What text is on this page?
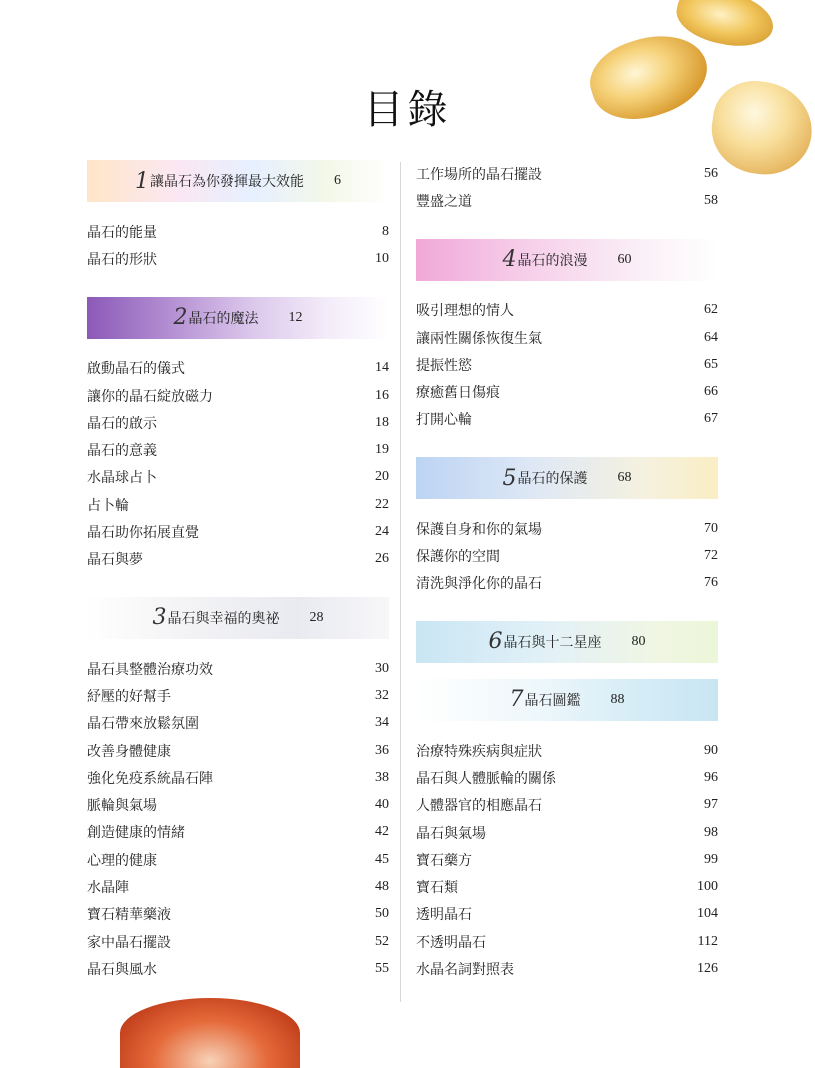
目錄
1 讓晶石為你發揮最大效能 6
晶石的能量	8
晶石的形狀	10
2 晶石的魔法 12
啟動晶石的儀式	14
讓你的晶石綻放磁力	16
晶石的啟示	18
晶石的意義	19
水晶球占卜	20
占卜輪	22
晶石助你拓展直覺	24
晶石與夢	26
3 晶石與幸福的奧祕 28
晶石具整體治療功效	30
紓壓的好幫手	32
晶石帶來放鬆氛圍	34
改善身體健康	36
強化免疫系統晶石陣	38
脈輪與氣場	40
創造健康的情緒	42
心理的健康	45
水晶陣	48
寶石精華藥液	50
家中晶石擺設	52
晶石與風水	55
工作場所的晶石擺設	56
豐盛之道	58
4 晶石的浪漫 60
吸引理想的情人	62
讓兩性關係恢復生氣	64
提振性慾	65
療癒舊日傷痕	66
打開心輪	67
5 晶石的保護 68
保護自身和你的氣場	70
保護你的空間	72
清洗與淨化你的晶石	76
6 晶石與十二星座 80
7 晶石圖鑑 88
治療特殊疾病與症狀	90
晶石與人體脈輪的關係	96
人體器官的相應晶石	97
晶石與氣場	98
寶石藥方	99
寶石類	100
透明晶石	104
不透明晶石	112
水晶名詞對照表	126
